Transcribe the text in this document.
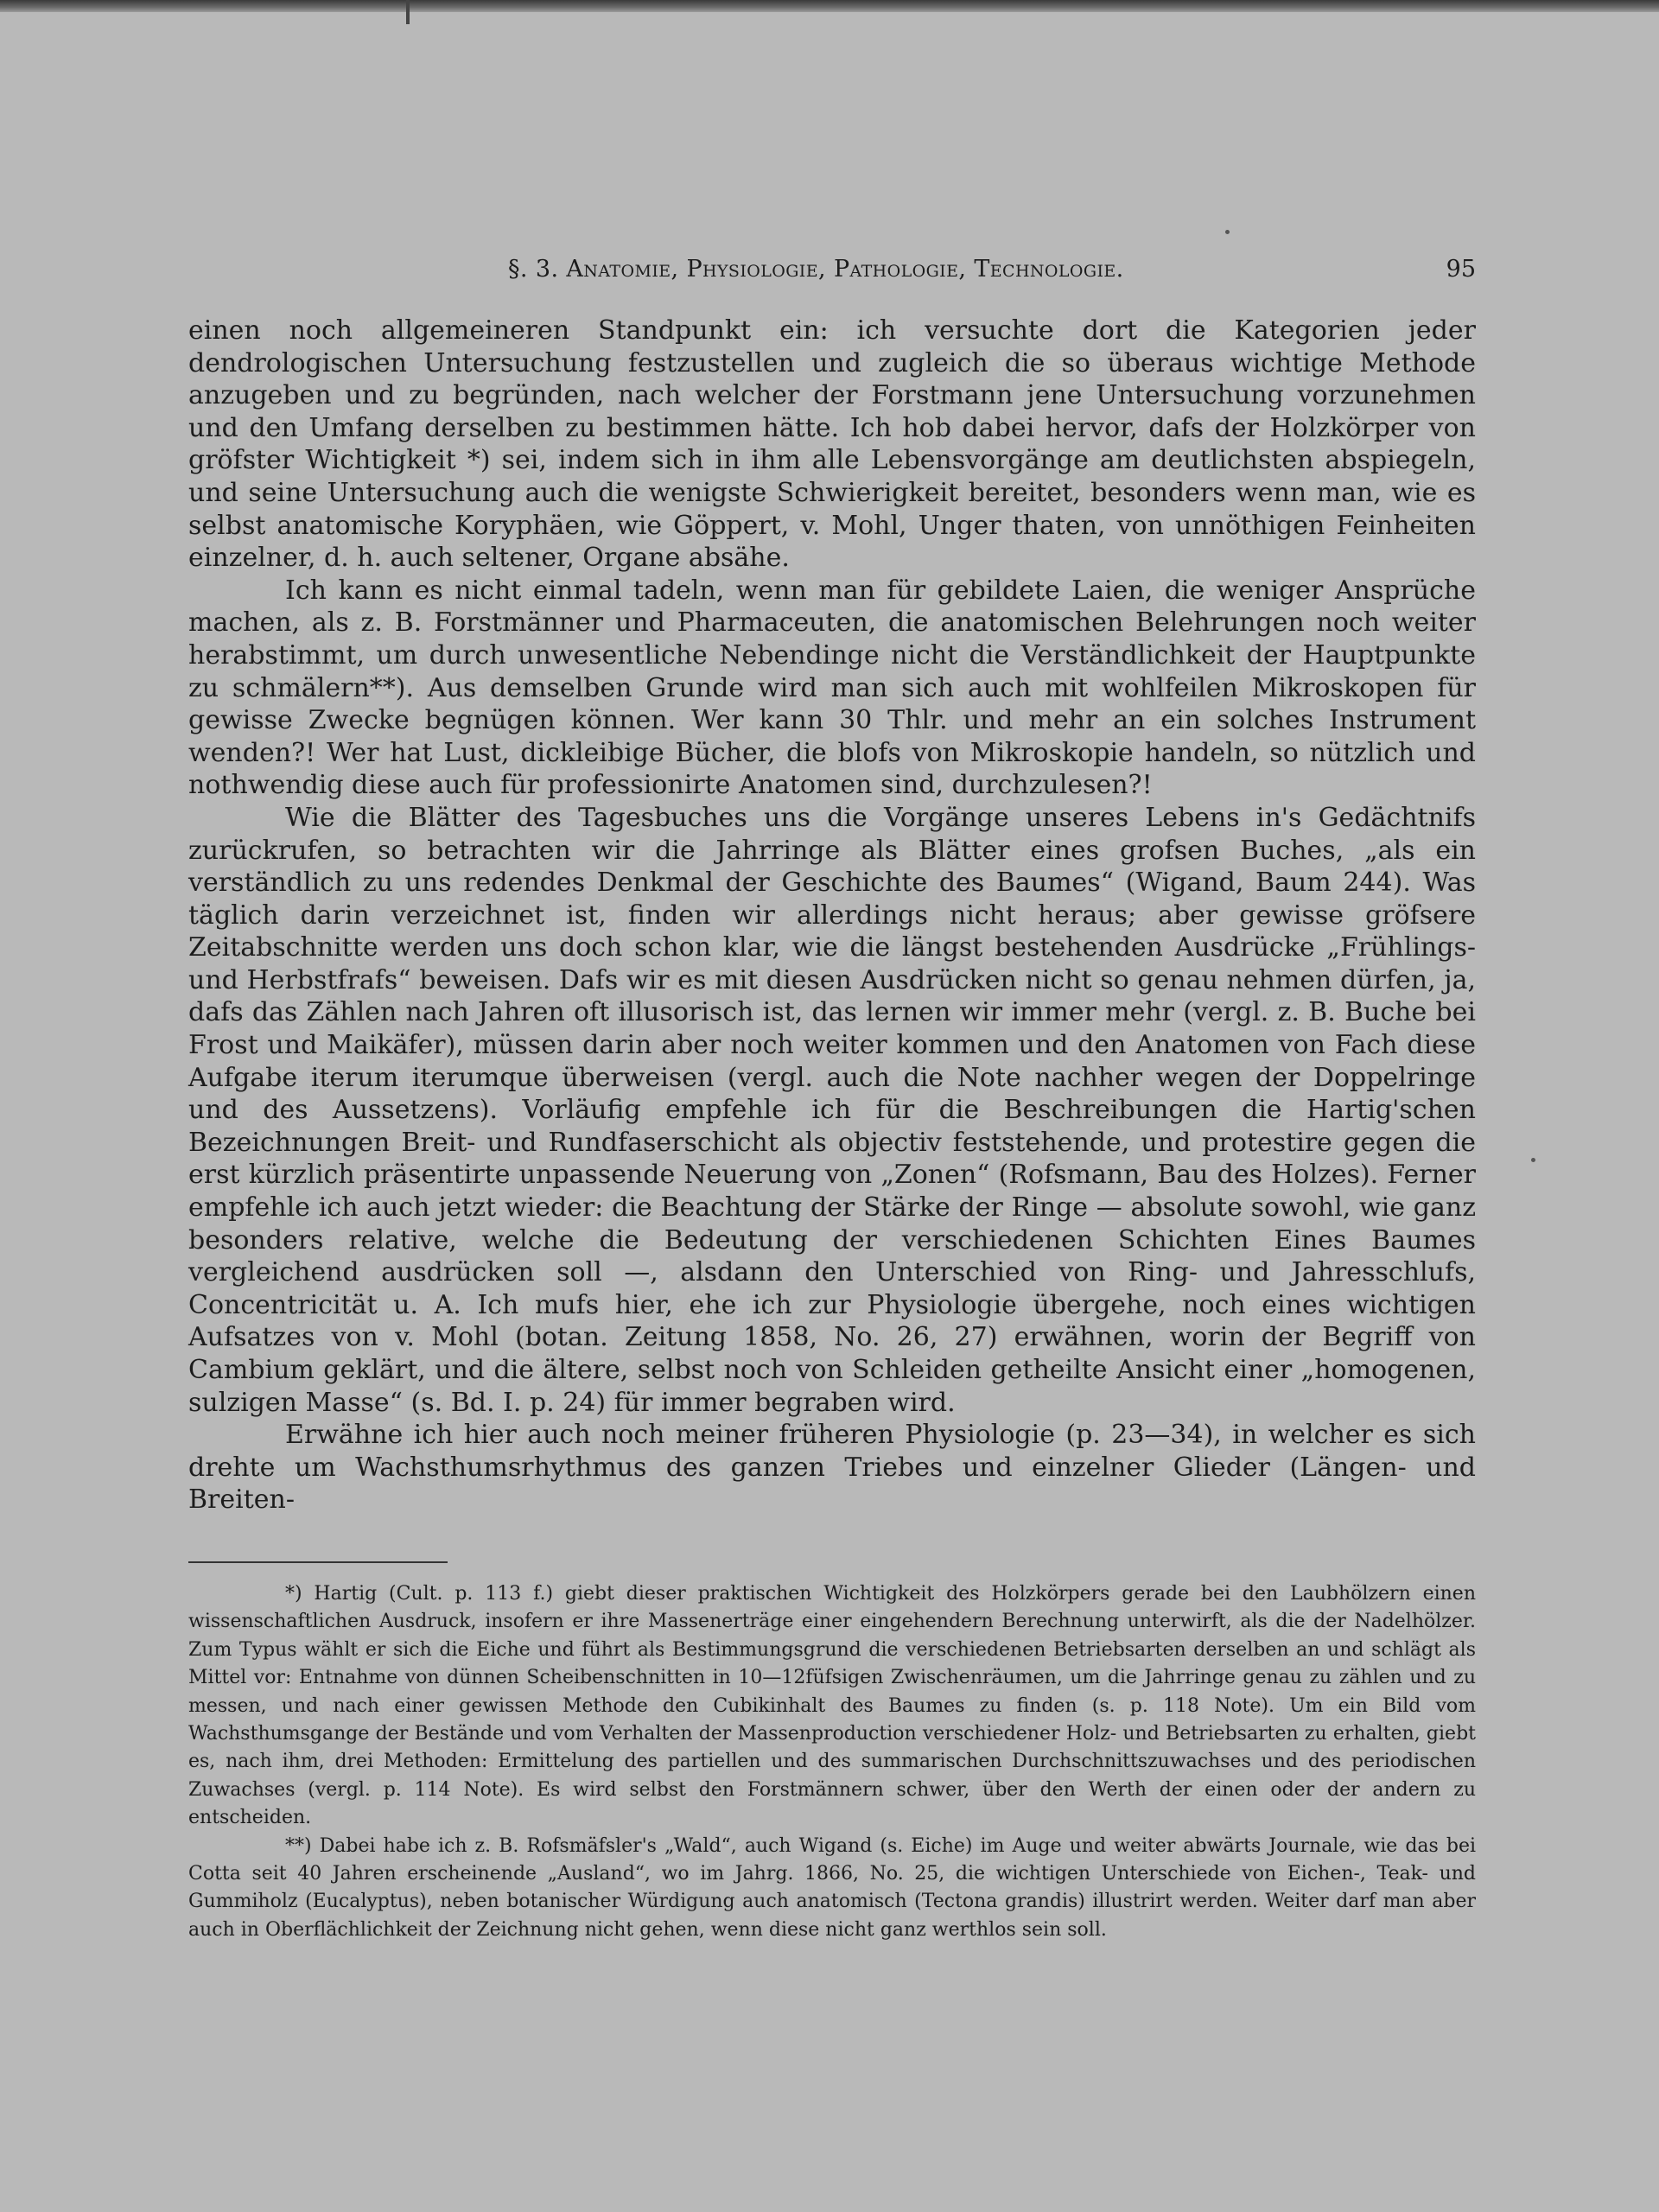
§. 3. Anatomie, Physiologie, Pathologie, Technologie.	95

einen noch allgemeineren Standpunkt ein: ich versuchte dort die Kategorien jeder dendrologischen Untersuchung festzustellen und zugleich die so überaus wichtige Methode anzugeben und zu begründen, nach welcher der Forstmann jene Untersuchung vorzunehmen und den Umfang derselben zu bestimmen hätte. Ich hob dabei hervor, dafs der Holzkörper von gröfster Wichtigkeit *) sei, indem sich in ihm alle Lebensvorgänge am deutlichsten abspiegeln, und seine Untersuchung auch die wenigste Schwierigkeit bereitet, besonders wenn man, wie es selbst anatomische Koryphäen, wie Göppert, v. Mohl, Unger thaten, von unnöthigen Feinheiten einzelner, d. h. auch seltener, Organe absähe.

Ich kann es nicht einmal tadeln, wenn man für gebildete Laien, die weniger Ansprüche machen, als z. B. Forstmänner und Pharmaceuten, die anatomischen Belehrungen noch weiter herabstimmt, um durch unwesentliche Nebendinge nicht die Verständlichkeit der Hauptpunkte zu schmälern**). Aus demselben Grunde wird man sich auch mit wohlfeilen Mikroskopen für gewisse Zwecke begnügen können. Wer kann 30 Thlr. und mehr an ein solches Instrument wenden?! Wer hat Lust, dickleibige Bücher, die blofs von Mikroskopie handeln, so nützlich und nothwendig diese auch für professionirte Anatomen sind, durchzulesen?!

Wie die Blätter des Tagesbuches uns die Vorgänge unseres Lebens in's Gedächtnifs zurückrufen, so betrachten wir die Jahrringe als Blätter eines grofsen Buches, „als ein verständlich zu uns redendes Denkmal der Geschichte des Baumes“ (Wigand, Baum 244). Was täglich darin verzeichnet ist, finden wir allerdings nicht heraus; aber gewisse gröfsere Zeitabschnitte werden uns doch schon klar, wie die längst bestehenden Ausdrücke „Frühlings- und Herbstfrafs“ beweisen. Dafs wir es mit diesen Ausdrücken nicht so genau nehmen dürfen, ja, dafs das Zählen nach Jahren oft illusorisch ist, das lernen wir immer mehr (vergl. z. B. Buche bei Frost und Maikäfer), müssen darin aber noch weiter kommen und den Anatomen von Fach diese Aufgabe iterum iterumque überweisen (vergl. auch die Note nachher wegen der Doppelringe und des Aussetzens). Vorläufig empfehle ich für die Beschreibungen die Hartig'schen Bezeichnungen Breit- und Rundfaserschicht als objectiv feststehende, und protestire gegen die erst kürzlich präsentirte unpassende Neuerung von „Zonen“ (Rofsmann, Bau des Holzes). Ferner empfehle ich auch jetzt wieder: die Beachtung der Stärke der Ringe — absolute sowohl, wie ganz besonders relative, welche die Bedeutung der verschiedenen Schichten Eines Baumes vergleichend ausdrücken soll —, alsdann den Unterschied von Ring- und Jahresschlufs, Concentricität u. A. Ich mufs hier, ehe ich zur Physiologie übergehe, noch eines wichtigen Aufsatzes von v. Mohl (botan. Zeitung 1858, No. 26, 27) erwähnen, worin der Begriff von Cambium geklärt, und die ältere, selbst noch von Schleiden getheilte Ansicht einer „homogenen, sulzigen Masse“ (s. Bd. I. p. 24) für immer begraben wird.

Erwähne ich hier auch noch meiner früheren Physiologie (p. 23—34), in welcher es sich drehte um Wachsthumsrhythmus des ganzen Triebes und einzelner Glieder (Längen- und Breiten-

*) Hartig (Cult. p. 113 f.) giebt dieser praktischen Wichtigkeit des Holzkörpers gerade bei den Laubhölzern einen wissenschaftlichen Ausdruck, insofern er ihre Massenerträge einer eingehendern Berechnung unterwirft, als die der Nadelhölzer. Zum Typus wählt er sich die Eiche und führt als Bestimmungsgrund die verschiedenen Betriebsarten derselben an und schlägt als Mittel vor: Entnahme von dünnen Scheibenschnitten in 10—12füfsigen Zwischenräumen, um die Jahrringe genau zu zählen und zu messen, und nach einer gewissen Methode den Cubikinhalt des Baumes zu finden (s. p. 118 Note). Um ein Bild vom Wachsthumsgange der Bestände und vom Verhalten der Massenproduction verschiedener Holz- und Betriebsarten zu erhalten, giebt es, nach ihm, drei Methoden: Ermittelung des partiellen und des summarischen Durchschnittszuwachses und des periodischen Zuwachses (vergl. p. 114 Note). Es wird selbst den Forstmännern schwer, über den Werth der einen oder der andern zu entscheiden.

**) Dabei habe ich z. B. Rofsmäfsler's „Wald“, auch Wigand (s. Eiche) im Auge und weiter abwärts Journale, wie das bei Cotta seit 40 Jahren erscheinende „Ausland“, wo im Jahrg. 1866, No. 25, die wichtigen Unterschiede von Eichen-, Teak- und Gummiholz (Eucalyptus), neben botanischer Würdigung auch anatomisch (Tectona grandis) illustrirt werden. Weiter darf man aber auch in Oberflächlichkeit der Zeichnung nicht gehen, wenn diese nicht ganz werthlos sein soll.
